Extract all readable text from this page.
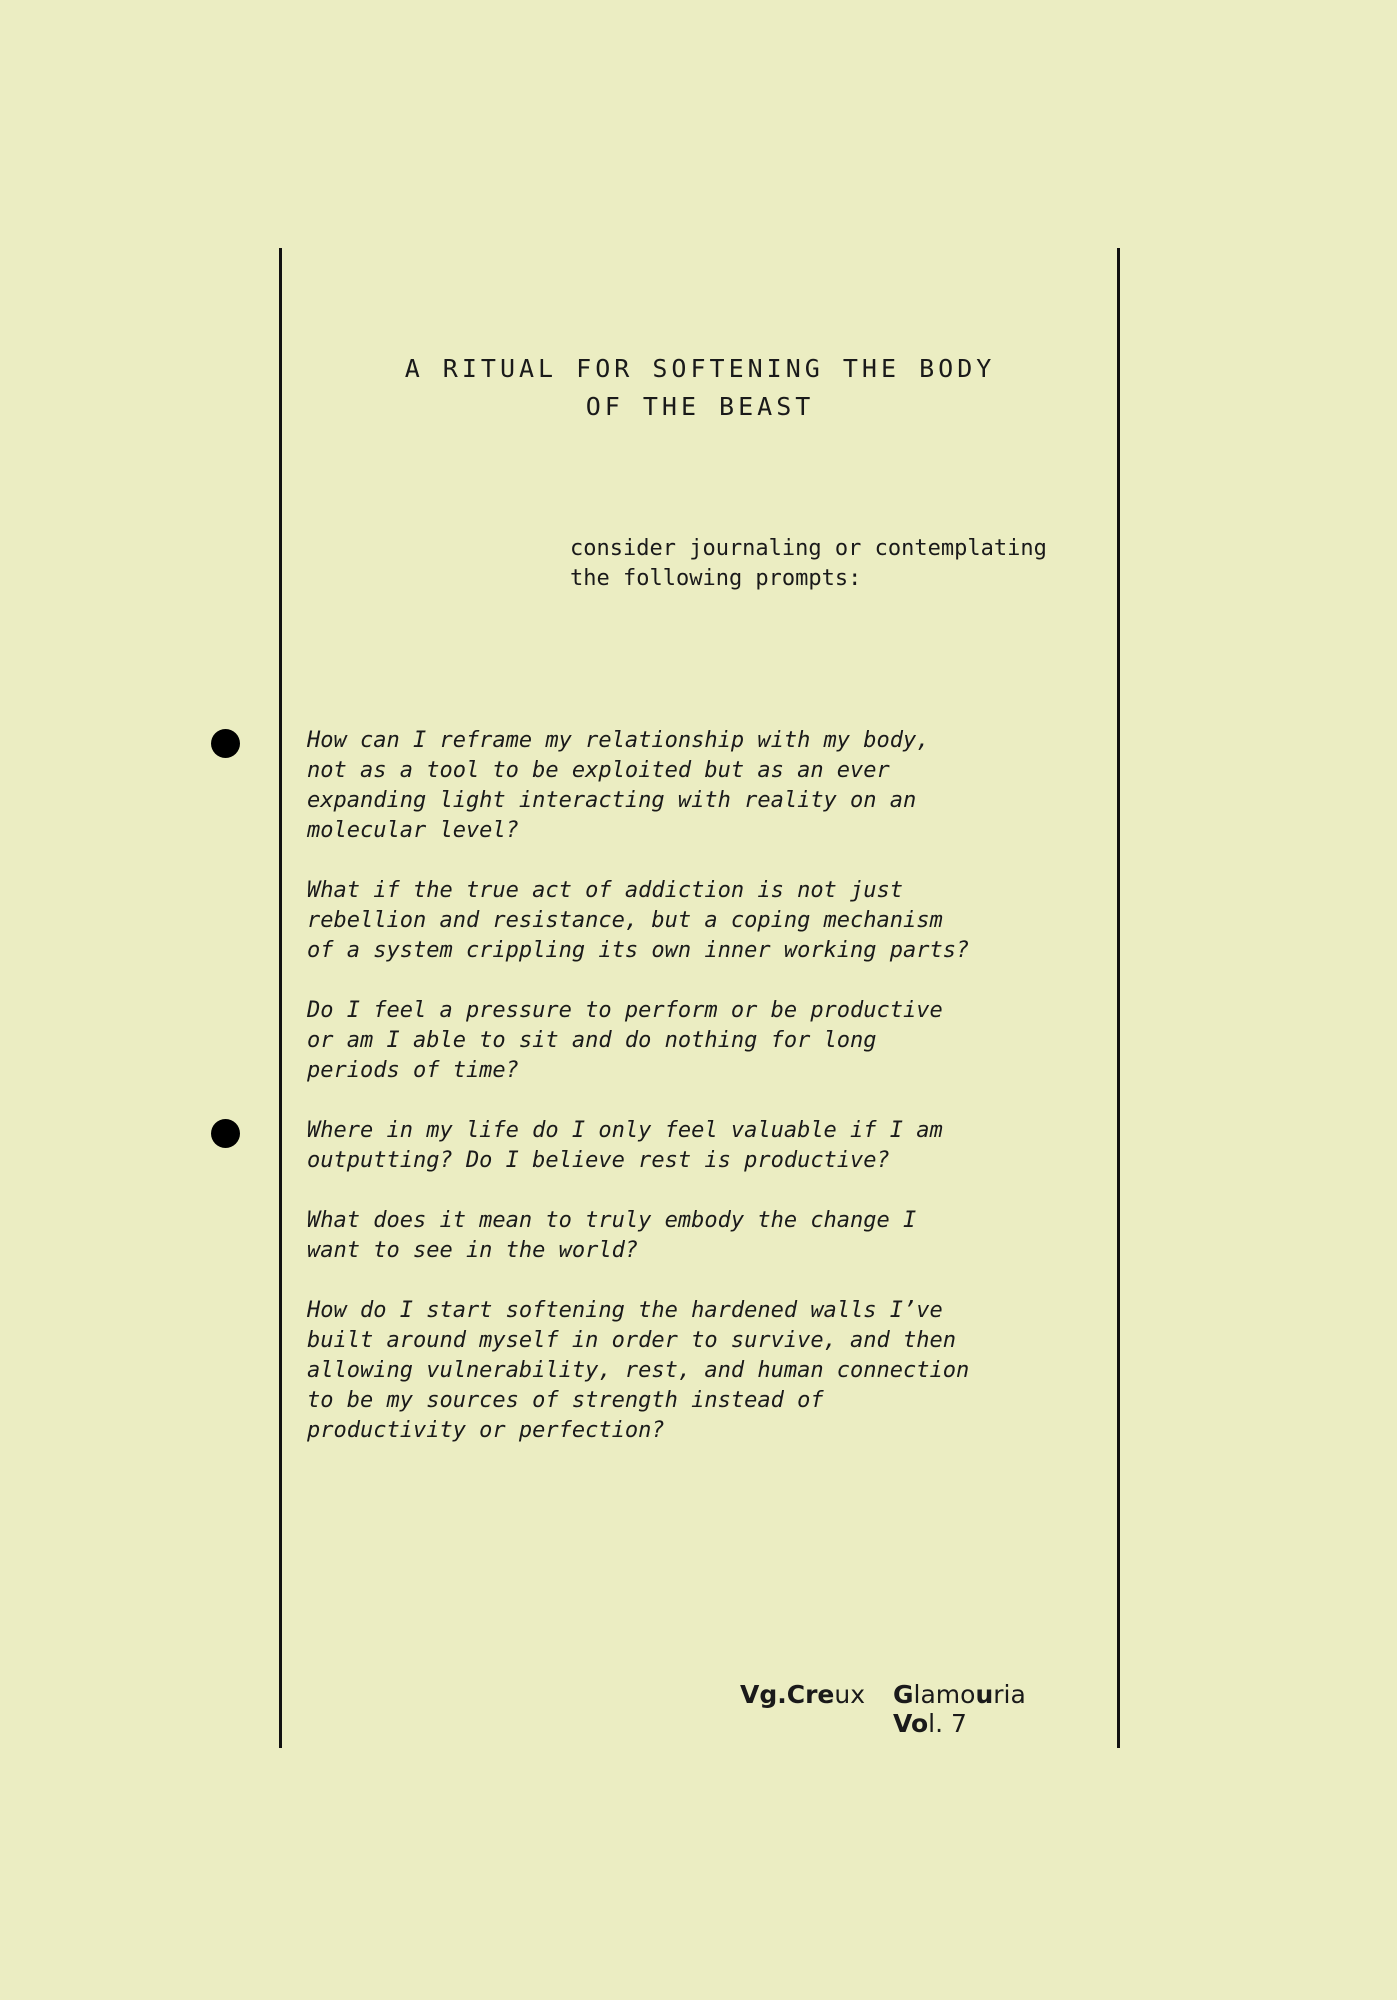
A RITUAL FOR SOFTENING THE BODY
OF THE BEAST

consider journaling or contemplating
the following prompts:

How can I reframe my relationship with my body,
not as a tool to be exploited but as an ever
expanding light interacting with reality on an
molecular level?
What if the true act of addiction is not just
rebellion and resistance, but a coping mechanism
of a system crippling its own inner working parts?
Do I feel a pressure to perform or be productive
or am I able to sit and do nothing for long
periods of time?
Where in my life do I only feel valuable if I am
outputting? Do I believe rest is productive?
What does it mean to truly embody the change I
want to see in the world?
How do I start softening the hardened walls I’ve
built around myself in order to survive, and then
allowing vulnerability, rest, and human connection
to be my sources of strength instead of
productivity or perfection?
Vg.Creux Glamouria Vol. 7
